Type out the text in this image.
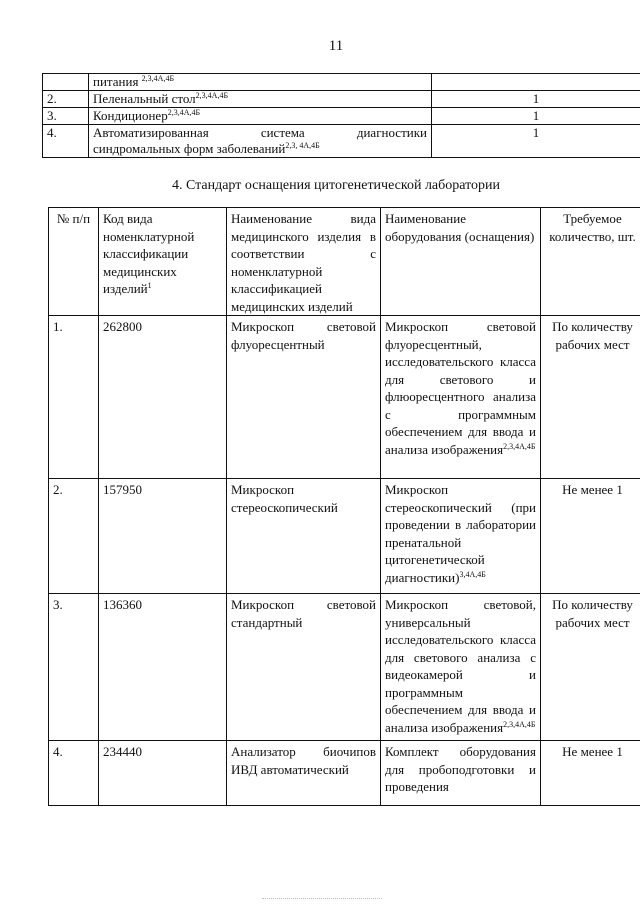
11
	питания $^{2,3,4А,4Б}$	
2.	Пеленальный стол$^{2,3,4А,4Б}$	1
3.	Кондиционер$^{2,3,4А,4Б}$	1
4.	Автоматизированная система диагностики
синдромальных форм заболеваний$^{2,3, 4А,4Б}$	1
4. Стандарт оснащения цитогенетической лаборатории
№ п/п	Код вида номенклатурной классификации медицинских изделий$^1$	Наименование вида медицинского изделия в соответствии с номенклатурной классификацией медицинских изделий	Наименование оборудования (оснащения)	Требуемое количество, шт.
1.	262800	Микроскоп световой флуоресцентный	Микроскоп световой флуоресцентный, исследовательского класса для светового и флюоресцентного анализа с программным обеспечением для ввода и анализа изображения$^{2,3,4А,4Б}$	По количеству рабочих мест
2.	157950	Микроскоп стереоскопический	Микроскоп стереоскопический (при проведении в лаборатории пренатальной цитогенетической диагностики)$^{3,4А,4Б}$	Не менее 1
3.	136360	Микроскоп световой стандартный	Микроскоп световой, универсальный исследовательского класса для светового анализа с видеокамерой и программным обеспечением для ввода и анализа изображения$^{2,3,4А,4Б}$	По количеству рабочих мест
4.	234440	Анализатор биочипов ИВД автоматический	Комплект оборудования для пробоподготовки и проведения	Не менее 1
